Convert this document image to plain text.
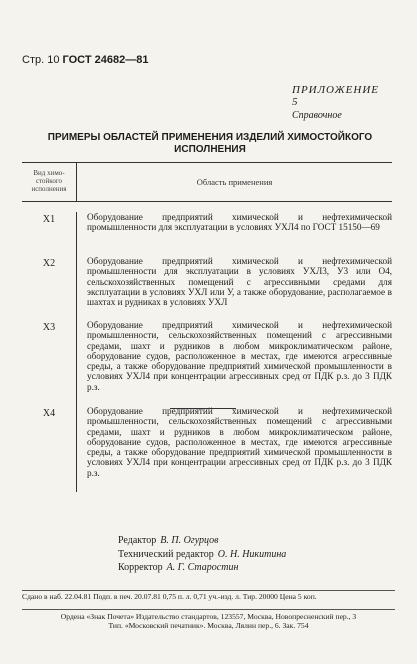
Стр. 10 ГОСТ 24682—81
ПРИЛОЖЕНИЕ 5
Справочное
ПРИМЕРЫ ОБЛАСТЕЙ ПРИМЕНЕНИЯ ИЗДЕЛИЙ ХИМОСТОЙКОГО ИСПОЛНЕНИЯ
Вид химо-стойкого исполнения
Область применения
X1	Оборудование предприятий химической и нефтехимической промышленности для эксплуатации в условиях УХЛ4 по ГОСТ 15150—69
X2	Оборудование предприятий химической и нефтехимической промышленности для эксплуатации в условиях УХЛ3, У3 или О4, сельскохозяйственных помещений с агрессивными средами для эксплуатации в условиях УХЛ или У, а также оборудование, располагаемое в шахтах и рудниках в условиях УХЛ
X3	Оборудование предприятий химической и нефтехимической промышленности, сельскохозяйственных помещений с агрессивными средами, шахт и рудников в любом микроклиматическом районе, оборудование судов, расположенное в местах, где имеются агрессивные среды, а также оборудование предприятий химической промышленности в условиях УХЛ4 при концентрации агрессивных сред от ПДК р.з. до 3 ПДК р.з.
X4	Оборудование предприятий химической и нефтехимической промышленности, сельскохозяйственных помещений с агрессивными средами, шахт и рудников в любом микроклиматическом районе, оборудование судов, расположенное в местах, где имеются агрессивные среды, а также оборудование предприятий химической промышленности в условиях УХЛ4 при концентрации агрессивных сред от ПДК р.з. до 3 ПДК р.з.
Редактор В. П. Огурцов
Технический редактор О. Н. Никитина
Корректор А. Г. Старостин
Сдано в наб. 22.04.81 Подп. в печ. 20.07.81 0,75 п. л. 0,71 уч.-изд. л. Тир. 20000 Цена 5 коп.
Ордена «Знак Почета» Издательство стандартов, 123557, Москва, Новопресненский пер., 3
Тип. «Московский печатник». Москва, Лялин пер., 6. Зак. 754
